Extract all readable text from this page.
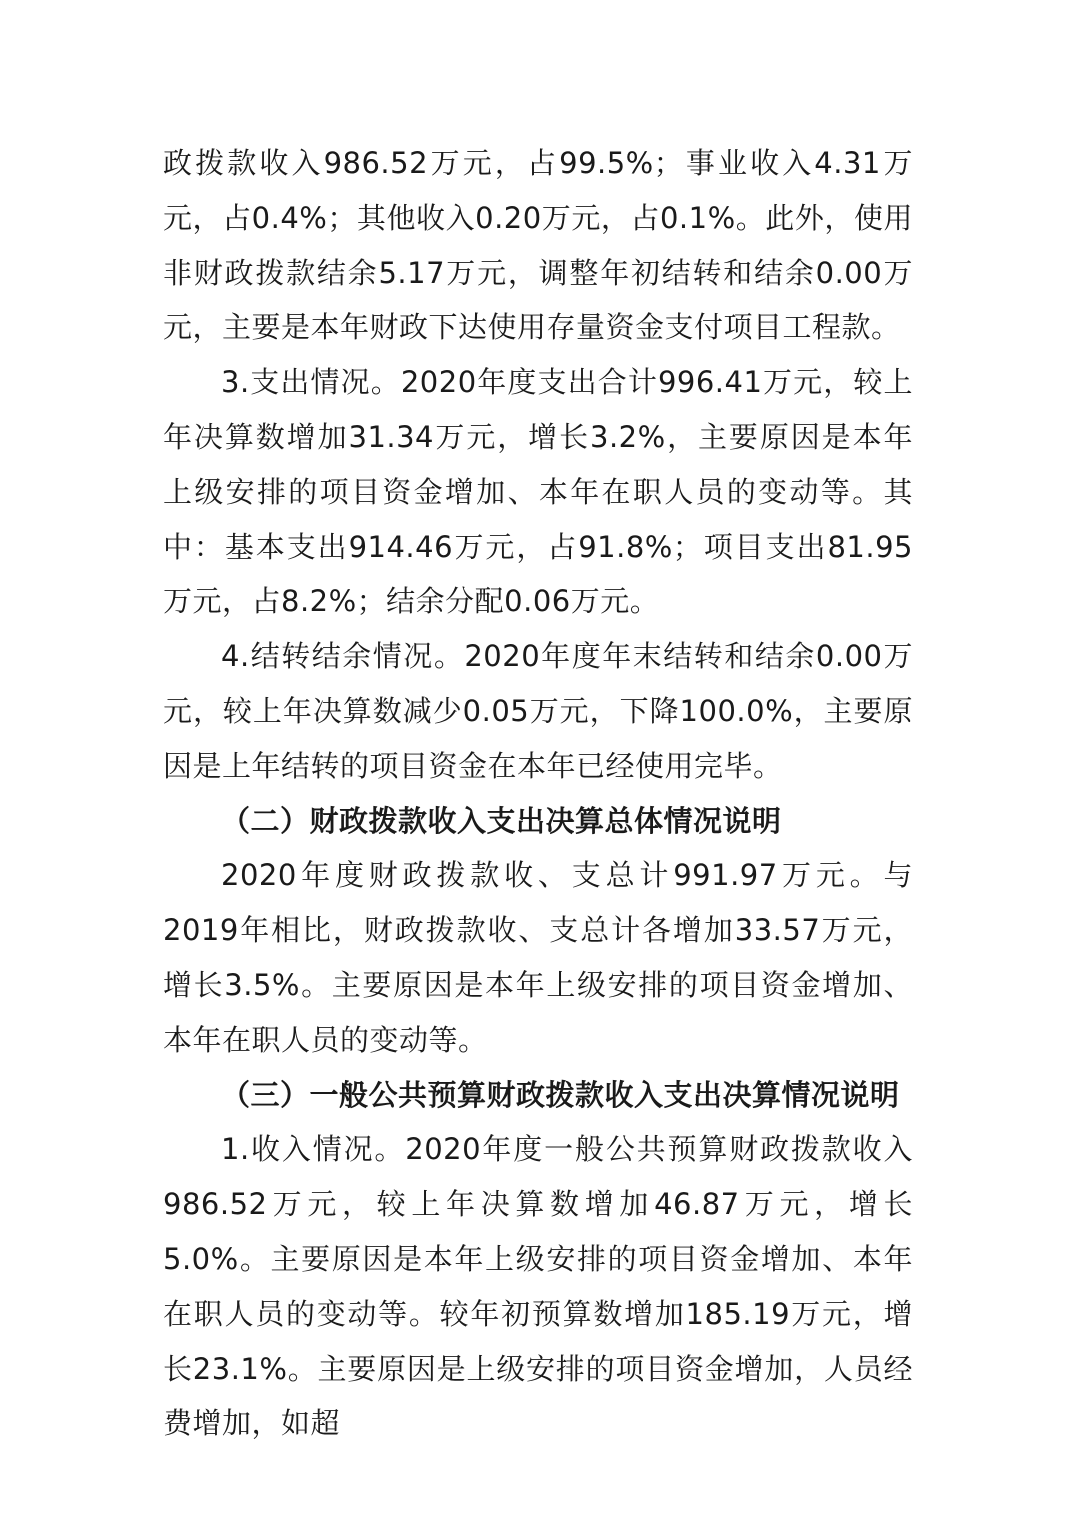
政拨款收入986.52万元，占99.5%；事业收入4.31万元，占0.4%；其他收入0.20万元，占0.1%。此外，使用非财政拨款结余5.17万元，调整年初结转和结余0.00万元，主要是本年财政下达使用存量资金支付项目工程款。

3.支出情况。2020年度支出合计996.41万元，较上年决算数增加31.34万元，增长3.2%，主要原因是本年上级安排的项目资金增加、本年在职人员的变动等。其中：基本支出914.46万元，占91.8%；项目支出81.95万元，占8.2%；结余分配0.06万元。

4.结转结余情况。2020年度年末结转和结余0.00万元，较上年决算数减少0.05万元，下降100.0%，主要原因是上年结转的项目资金在本年已经使用完毕。

（二）财政拨款收入支出决算总体情况说明

2020年度财政拨款收、支总计991.97万元。与2019年相比，财政拨款收、支总计各增加33.57万元，增长3.5%。主要原因是本年上级安排的项目资金增加、本年在职人员的变动等。

（三）一般公共预算财政拨款收入支出决算情况说明

1.收入情况。2020年度一般公共预算财政拨款收入986.52万元，较上年决算数增加46.87万元，增长5.0%。主要原因是本年上级安排的项目资金增加、本年在职人员的变动等。较年初预算数增加185.19万元，增长23.1%。主要原因是上级安排的项目资金增加，人员经费增加，如超
